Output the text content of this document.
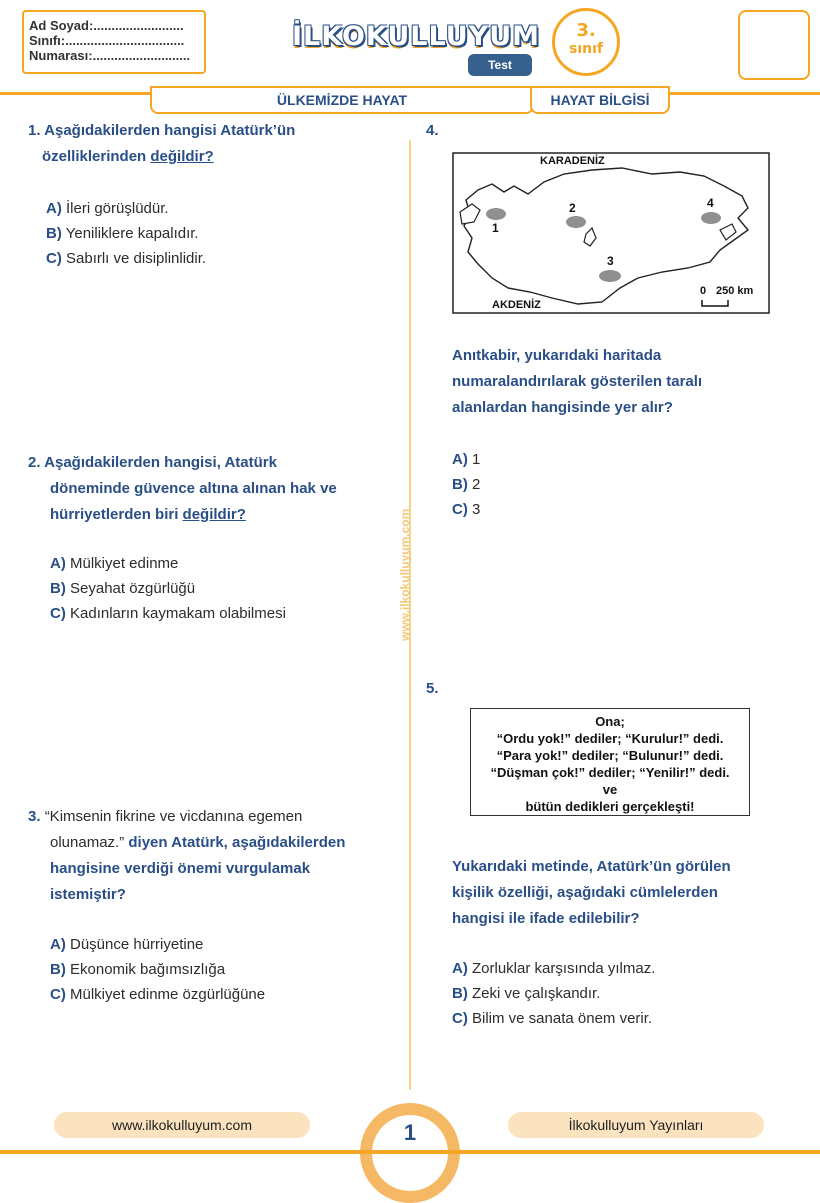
Ad Soyad:.........................
Sınıfı:.................................
Numarası:...........................
İLKOKULLUYUM
Test
3.
sınıf
ÜLKEMİZDE HAYAT	HAYAT BİLGİSİ
www.ilkokulluyum.com
1. Aşağıdakilerden hangisi Atatürk’ün
özelliklerinden değildir?
A) İleri görüşlüdür.
B) Yeniliklere kapalıdır.
C) Sabırlı ve disiplinlidir.
2. Aşağıdakilerden hangisi, Atatürk
döneminde güvence altına alınan hak ve
hürriyetlerden biri değildir?
A) Mülkiyet edinme
B) Seyahat özgürlüğü
C) Kadınların kaymakam olabilmesi
3. “Kimsenin fikrine ve vicdanına egemen
olunamaz.” diyen Atatürk, aşağıdakilerden
hangisine verdiği önemi vurgulamak
istemiştir?
A) Düşünce hürriyetine
B) Ekonomik bağımsızlığa
C) Mülkiyet edinme özgürlüğüne
4.
1
2
3
4
KARADENİZ
AKDENİZ
0 250 km
Anıtkabir, yukarıdaki haritada
numaralandırılarak gösterilen taralı
alanlardan hangisinde yer alır?
A) 1
B) 2
C) 3
5.
Ona;
“Ordu yok!” dediler; “Kurulur!” dedi.
“Para yok!” dediler; “Bulunur!” dedi.
“Düşman çok!” dediler; “Yenilir!” dedi.
ve
bütün dedikleri gerçekleşti!
Yukarıdaki metinde, Atatürk’ün görülen
kişilik özelliği, aşağıdaki cümlelerden
hangisi ile ifade edilebilir?
A) Zorluklar karşısında yılmaz.
B) Zeki ve çalışkandır.
C) Bilim ve sanata önem verir.
1
www.ilkokulluyum.com	İlkokulluyum Yayınları
